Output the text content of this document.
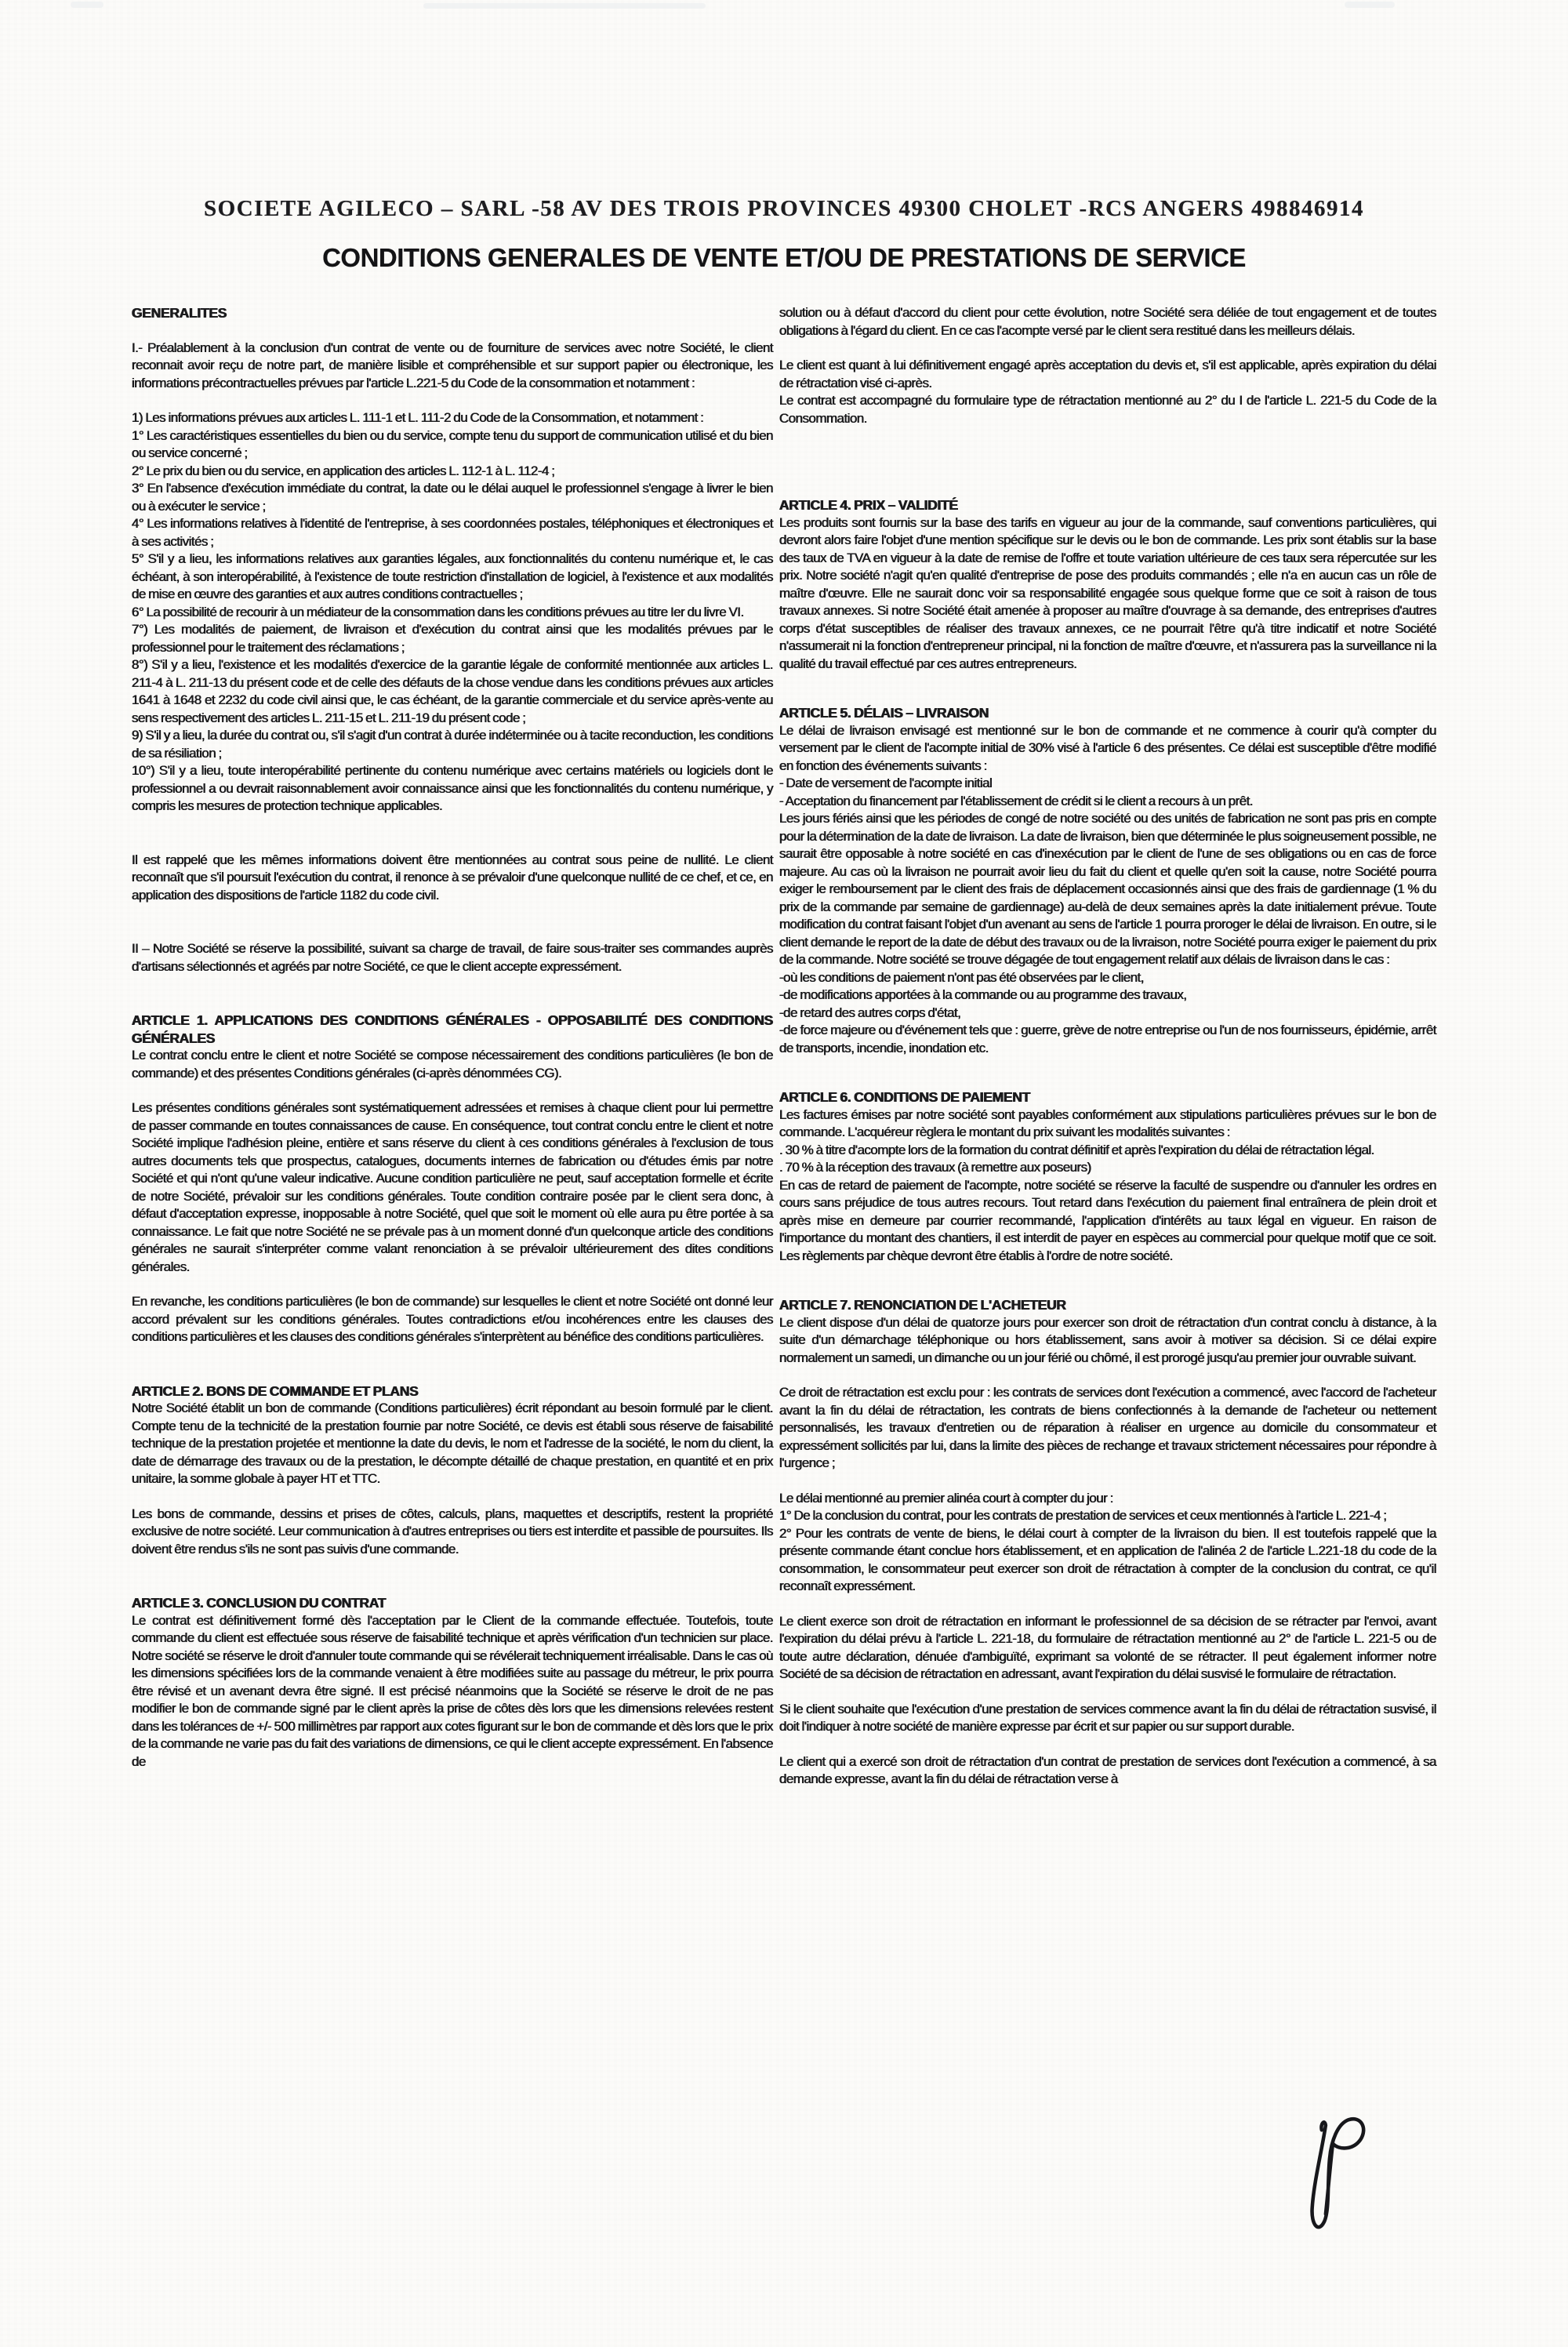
SOCIETE AGILECO – SARL -58 AV DES TROIS PROVINCES 49300 CHOLET -RCS ANGERS 498846914
CONDITIONS GENERALES DE VENTE ET/OU DE PRESTATIONS DE SERVICE
GENERALITES

I.- Préalablement à la conclusion d'un contrat de vente ou de fourniture de services avec notre Société, le client reconnait avoir reçu de notre part, de manière lisible et compréhensible et sur support papier ou électronique, les informations précontractuelles prévues par l'article L.221-5 du Code de la consommation et notamment :

1) Les informations prévues aux articles L. 111-1 et L. 111-2 du Code de la Consommation, et notamment :

1° Les caractéristiques essentielles du bien ou du service, compte tenu du support de communication utilisé et du bien ou service concerné ;

2° Le prix du bien ou du service, en application des articles L. 112-1 à L. 112-4 ;

3° En l'absence d'exécution immédiate du contrat, la date ou le délai auquel le professionnel s'engage à livrer le bien ou à exécuter le service ;

4° Les informations relatives à l'identité de l'entreprise, à ses coordonnées postales, téléphoniques et électroniques et à ses activités ;

5° S'il y a lieu, les informations relatives aux garanties légales, aux fonctionnalités du contenu numérique et, le cas échéant, à son interopérabilité, à l'existence de toute restriction d'installation de logiciel, à l'existence et aux modalités de mise en œuvre des garanties et aux autres conditions contractuelles ;

6° La possibilité de recourir à un médiateur de la consommation dans les conditions prévues au titre Ier du livre VI.

7°) Les modalités de paiement, de livraison et d'exécution du contrat ainsi que les modalités prévues par le professionnel pour le traitement des réclamations ;

8°) S'il y a lieu, l'existence et les modalités d'exercice de la garantie légale de conformité mentionnée aux articles L. 211-4 à L. 211-13 du présent code et de celle des défauts de la chose vendue dans les conditions prévues aux articles 1641 à 1648 et 2232 du code civil ainsi que, le cas échéant, de la garantie commerciale et du service après-vente au sens respectivement des articles L. 211-15 et L. 211-19 du présent code ;

9) S'il y a lieu, la durée du contrat ou, s'il s'agit d'un contrat à durée indéterminée ou à tacite reconduction, les conditions de sa résiliation ;

10°) S'il y a lieu, toute interopérabilité pertinente du contenu numérique avec certains matériels ou logiciels dont le professionnel a ou devrait raisonnablement avoir connaissance ainsi que les fonctionnalités du contenu numérique, y compris les mesures de protection technique applicables.

Il est rappelé que les mêmes informations doivent être mentionnées au contrat sous peine de nullité. Le client reconnaît que s'il poursuit l'exécution du contrat, il renonce à se prévaloir d'une quelconque nullité de ce chef, et ce, en application des dispositions de l'article 1182 du code civil.

II – Notre Société se réserve la possibilité, suivant sa charge de travail, de faire sous-traiter ses commandes auprès d'artisans sélectionnés et agréés par notre Société, ce que le client accepte expressément.

ARTICLE 1. APPLICATIONS DES CONDITIONS GÉNÉRALES - OPPOSABILITÉ DES CONDITIONS GÉNÉRALES

Le contrat conclu entre le client et notre Société se compose nécessairement des conditions particulières (le bon de commande) et des présentes Conditions générales (ci-après dénommées CG).

Les présentes conditions générales sont systématiquement adressées et remises à chaque client pour lui permettre de passer commande en toutes connaissances de cause. En conséquence, tout contrat conclu entre le client et notre Société implique l'adhésion pleine, entière et sans réserve du client à ces conditions générales à l'exclusion de tous autres documents tels que prospectus, catalogues, documents internes de fabrication ou d'études émis par notre Société et qui n'ont qu'une valeur indicative. Aucune condition particulière ne peut, sauf acceptation formelle et écrite de notre Société, prévaloir sur les conditions générales. Toute condition contraire posée par le client sera donc, à défaut d'acceptation expresse, inopposable à notre Société, quel que soit le moment où elle aura pu être portée à sa connaissance. Le fait que notre Société ne se prévale pas à un moment donné d'un quelconque article des conditions générales ne saurait s'interpréter comme valant renonciation à se prévaloir ultérieurement des dites conditions générales.

En revanche, les conditions particulières (le bon de commande) sur lesquelles le client et notre Société ont donné leur accord prévalent sur les conditions générales. Toutes contradictions et/ou incohérences entre les clauses des conditions particulières et les clauses des conditions générales s'interprètent au bénéfice des conditions particulières.

ARTICLE 2. BONS DE COMMANDE ET PLANS

Notre Société établit un bon de commande (Conditions particulières) écrit répondant au besoin formulé par le client. Compte tenu de la technicité de la prestation fournie par notre Société, ce devis est établi sous réserve de faisabilité technique de la prestation projetée et mentionne la date du devis, le nom et l'adresse de la société, le nom du client, la date de démarrage des travaux ou de la prestation, le décompte détaillé de chaque prestation, en quantité et en prix unitaire, la somme globale à payer HT et TTC.

Les bons de commande, dessins et prises de côtes, calculs, plans, maquettes et descriptifs, restent la propriété exclusive de notre société. Leur communication à d'autres entreprises ou tiers est interdite et passible de poursuites. Ils doivent être rendus s'ils ne sont pas suivis d'une commande.

ARTICLE 3. CONCLUSION DU CONTRAT

Le contrat est définitivement formé dès l'acceptation par le Client de la commande effectuée. Toutefois, toute commande du client est effectuée sous réserve de faisabilité technique et après vérification d'un technicien sur place. Notre société se réserve le droit d'annuler toute commande qui se révélerait techniquement irréalisable. Dans le cas où les dimensions spécifiées lors de la commande venaient à être modifiées suite au passage du métreur, le prix pourra être révisé et un avenant devra être signé. Il est précisé néanmoins que la Société se réserve le droit de ne pas modifier le bon de commande signé par le client après la prise de côtes dès lors que les dimensions relevées restent dans les tolérances de +/- 500 millimètres par rapport aux cotes figurant sur le bon de commande et dès lors que le prix de la commande ne varie pas du fait des variations de dimensions, ce qui le client accepte expressément. En l'absence de

solution ou à défaut d'accord du client pour cette évolution, notre Société sera déliée de tout engagement et de toutes obligations à l'égard du client. En ce cas l'acompte versé par le client sera restitué dans les meilleurs délais.

Le client est quant à lui définitivement engagé après acceptation du devis et, s'il est applicable, après expiration du délai de rétractation visé ci-après.

Le contrat est accompagné du formulaire type de rétractation mentionné au 2° du I de l'article L. 221-5 du Code de la Consommation.

ARTICLE 4. PRIX – VALIDITÉ

Les produits sont fournis sur la base des tarifs en vigueur au jour de la commande, sauf conventions particulières, qui devront alors faire l'objet d'une mention spécifique sur le devis ou le bon de commande. Les prix sont établis sur la base des taux de TVA en vigueur à la date de remise de l'offre et toute variation ultérieure de ces taux sera répercutée sur les prix. Notre société n'agit qu'en qualité d'entreprise de pose des produits commandés ; elle n'a en aucun cas un rôle de maître d'œuvre. Elle ne saurait donc voir sa responsabilité engagée sous quelque forme que ce soit à raison de tous travaux annexes. Si notre Société était amenée à proposer au maître d'ouvrage à sa demande, des entreprises d'autres corps d'état susceptibles de réaliser des travaux annexes, ce ne pourrait l'être qu'à titre indicatif et notre Société n'assumerait ni la fonction d'entrepreneur principal, ni la fonction de maître d'œuvre, et n'assurera pas la surveillance ni la qualité du travail effectué par ces autres entrepreneurs.

ARTICLE 5. DÉLAIS – LIVRAISON

Le délai de livraison envisagé est mentionné sur le bon de commande et ne commence à courir qu'à compter du versement par le client de l'acompte initial de 30% visé à l'article 6 des présentes. Ce délai est susceptible d'être modifié en fonction des événements suivants :

- Date de versement de l'acompte initial

- Acceptation du financement par l'établissement de crédit si le client a recours à un prêt.

Les jours fériés ainsi que les périodes de congé de notre société ou des unités de fabrication ne sont pas pris en compte pour la détermination de la date de livraison. La date de livraison, bien que déterminée le plus soigneusement possible, ne saurait être opposable à notre société en cas d'inexécution par le client de l'une de ses obligations ou en cas de force majeure. Au cas où la livraison ne pourrait avoir lieu du fait du client et quelle qu'en soit la cause, notre Société pourra exiger le remboursement par le client des frais de déplacement occasionnés ainsi que des frais de gardiennage (1 % du prix de la commande par semaine de gardiennage) au-delà de deux semaines après la date initialement prévue. Toute modification du contrat faisant l'objet d'un avenant au sens de l'article 1 pourra proroger le délai de livraison. En outre, si le client demande le report de la date de début des travaux ou de la livraison, notre Société pourra exiger le paiement du prix de la commande. Notre société se trouve dégagée de tout engagement relatif aux délais de livraison dans le cas :

-où les conditions de paiement n'ont pas été observées par le client,

-de modifications apportées à la commande ou au programme des travaux,

-de retard des autres corps d'état,

-de force majeure ou d'événement tels que : guerre, grève de notre entreprise ou l'un de nos fournisseurs, épidémie, arrêt de transports, incendie, inondation etc.

ARTICLE 6. CONDITIONS DE PAIEMENT

Les factures émises par notre société sont payables conformément aux stipulations particulières prévues sur le bon de commande. L'acquéreur règlera le montant du prix suivant les modalités suivantes :

. 30 % à titre d'acompte lors de la formation du contrat définitif et après l'expiration du délai de rétractation légal.

. 70 % à la réception des travaux (à remettre aux poseurs)

En cas de retard de paiement de l'acompte, notre société se réserve la faculté de suspendre ou d'annuler les ordres en cours sans préjudice de tous autres recours. Tout retard dans l'exécution du paiement final entraînera de plein droit et après mise en demeure par courrier recommandé, l'application d'intérêts au taux légal en vigueur. En raison de l'importance du montant des chantiers, il est interdit de payer en espèces au commercial pour quelque motif que ce soit. Les règlements par chèque devront être établis à l'ordre de notre société.

ARTICLE 7. RENONCIATION DE L'ACHETEUR

Le client dispose d'un délai de quatorze jours pour exercer son droit de rétractation d'un contrat conclu à distance, à la suite d'un démarchage téléphonique ou hors établissement, sans avoir à motiver sa décision. Si ce délai expire normalement un samedi, un dimanche ou un jour férié ou chômé, il est prorogé jusqu'au premier jour ouvrable suivant.

Ce droit de rétractation est exclu pour : les contrats de services dont l'exécution a commencé, avec l'accord de l'acheteur avant la fin du délai de rétractation, les contrats de biens confectionnés à la demande de l'acheteur ou nettement personnalisés, les travaux d'entretien ou de réparation à réaliser en urgence au domicile du consommateur et expressément sollicités par lui, dans la limite des pièces de rechange et travaux strictement nécessaires pour répondre à l'urgence ;

Le délai mentionné au premier alinéa court à compter du jour :

1° De la conclusion du contrat, pour les contrats de prestation de services et ceux mentionnés à l'article L. 221-4 ;

2° Pour les contrats de vente de biens, le délai court à compter de la livraison du bien. Il est toutefois rappelé que la présente commande étant conclue hors établissement, et en application de l'alinéa 2 de l'article L.221-18 du code de la consommation, le consommateur peut exercer son droit de rétractation à compter de la conclusion du contrat, ce qu'il reconnaît expressément.

Le client exerce son droit de rétractation en informant le professionnel de sa décision de se rétracter par l'envoi, avant l'expiration du délai prévu à l'article L. 221-18, du formulaire de rétractation mentionné au 2° de l'article L. 221-5 ou de toute autre déclaration, dénuée d'ambiguïté, exprimant sa volonté de se rétracter. Il peut également informer notre Société de sa décision de rétractation en adressant, avant l'expiration du délai susvisé le formulaire de rétractation.

Si le client souhaite que l'exécution d'une prestation de services commence avant la fin du délai de rétractation susvisé, il doit l'indiquer à notre société de manière expresse par écrit et sur papier ou sur support durable.

Le client qui a exercé son droit de rétractation d'un contrat de prestation de services dont l'exécution a commencé, à sa demande expresse, avant la fin du délai de rétractation verse à
